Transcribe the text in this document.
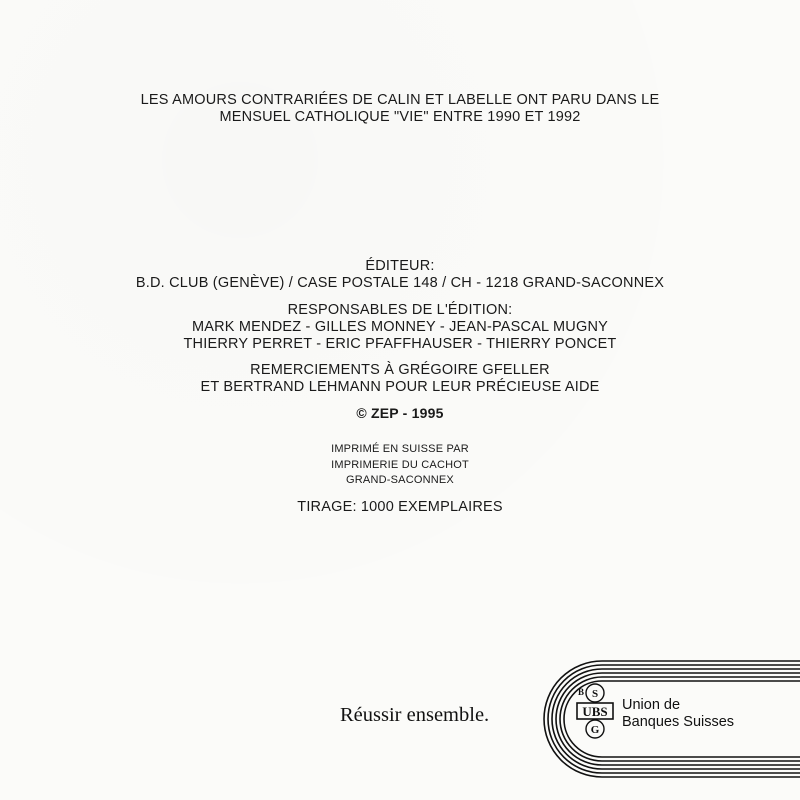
LES AMOURS CONTRARIÉES DE CALIN ET LABELLE ONT PARU DANS LE
MENSUEL CATHOLIQUE "VIE" ENTRE 1990 ET 1992
ÉDITEUR:
B.D. CLUB (GENÈVE) / CASE POSTALE 148 / CH - 1218 GRAND-SACONNEX
RESPONSABLES DE L'ÉDITION:
MARK MENDEZ - GILLES MONNEY - JEAN-PASCAL MUGNY
THIERRY PERRET - ERIC PFAFFHAUSER - THIERRY PONCET
REMERCIEMENTS À GRÉGOIRE GFELLER
ET BERTRAND LEHMANN POUR LEUR PRÉCIEUSE AIDE
© ZEP - 1995
IMPRIMÉ EN SUISSE PAR
IMPRIMERIE DU CACHOT
GRAND-SACONNEX
TIRAGE: 1000 EXEMPLAIRES
Réussir ensemble.
S
UBS
G
B
Union de
Banques Suisses
